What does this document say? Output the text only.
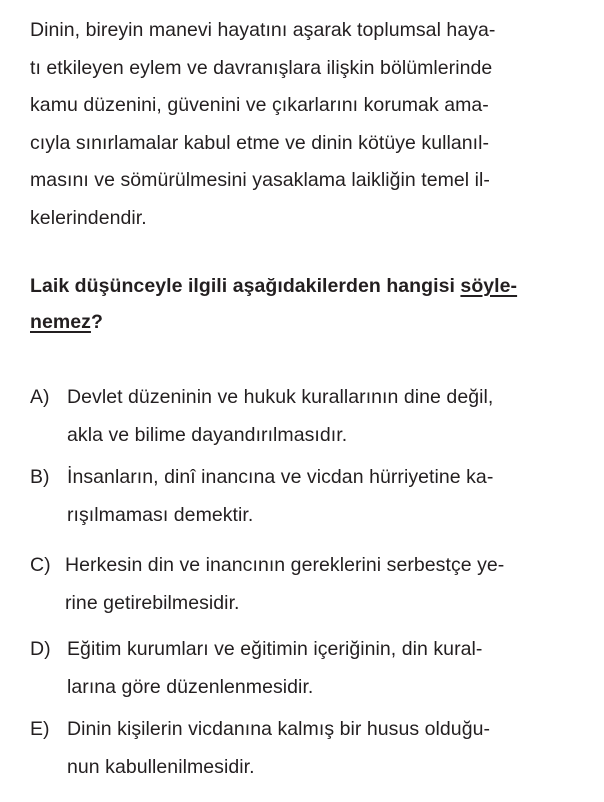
Dinin, bireyin manevi hayatını aşarak toplumsal haya-
tı etkileyen eylem ve davranışlara ilişkin bölümlerinde
kamu düzenini, güvenini ve çıkarlarını korumak ama-
cıyla sınırlamalar kabul etme ve dinin kötüye kullanıl-
masını ve sömürülmesini yasaklama laikliğin temel il-
kelerindendir.
Laik düşünceyle ilgili aşağıdakilerden hangisi söyle-
nemez?
A) Devlet düzeninin ve hukuk kurallarının dine değil,
akla ve bilime dayandırılmasıdır.
B) İnsanların, dinî inancına ve vicdan hürriyetine ka-
rışılmaması demektir.
C) Herkesin din ve inancının gereklerini serbestçe ye-
rine getirebilmesidir.
D) Eğitim kurumları ve eğitimin içeriğinin, din kural-
larına göre düzenlenmesidir.
E) Dinin kişilerin vicdanına kalmış bir husus olduğu-
nun kabullenilmesidir.
